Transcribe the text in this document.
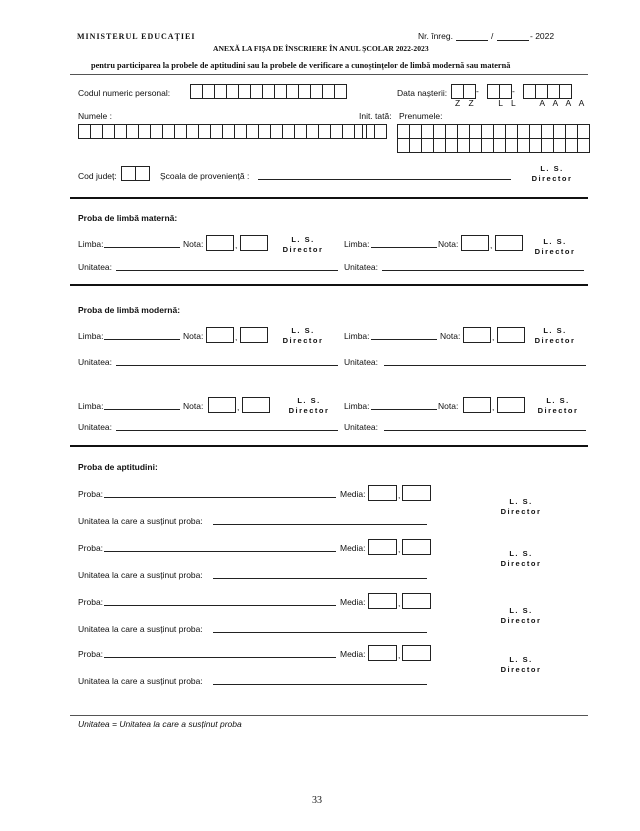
MINISTERUL EDUCAȚIEI	Nr. înreg.	/	- 2022
ANEXĂ LA FIȘA DE ÎNSCRIERE ÎN ANUL ȘCOLAR 2022-2023
pentru participarea la probele de aptitudini sau la probele de verificare a cunoștințelor de limbă modernă sau maternă
Codul numeric personal:	Data nașterii:	-	-
Z Z    L L    A A A A
Numele :	Init. tată: Prenumele:
Cod județ:	Școala de proveniență :
L. S.
Director
Proba de limbă maternă:
Limba:	Nota:	,
L. S.
Director
Limba:	Nota:	,	L. S.
Director
Unitatea:	Unitatea:
Proba de limbă modernă:
Limba:	Nota:	,
L. S.
Director	Limba:	Nota:	,
L. S.
Director
Unitatea:	Unitatea:
Limba:	Nota:	,
L. S.
Director	Limba:	Nota:	,
L. S.
Director
Unitatea:	Unitatea:
Proba de aptitudini:
Proba:	Media:	,
L. S.
Director
Unitatea la care a susținut proba:
Proba:	Media:	,	L. S.
Director
Unitatea la care a susținut proba:
Proba:	Media:	,
L. S.
Director
Unitatea la care a susținut proba:
Proba:	Media:	,	L. S.
Director
Unitatea la care a susținut proba:
Unitatea = Unitatea la care a susținut proba
33
